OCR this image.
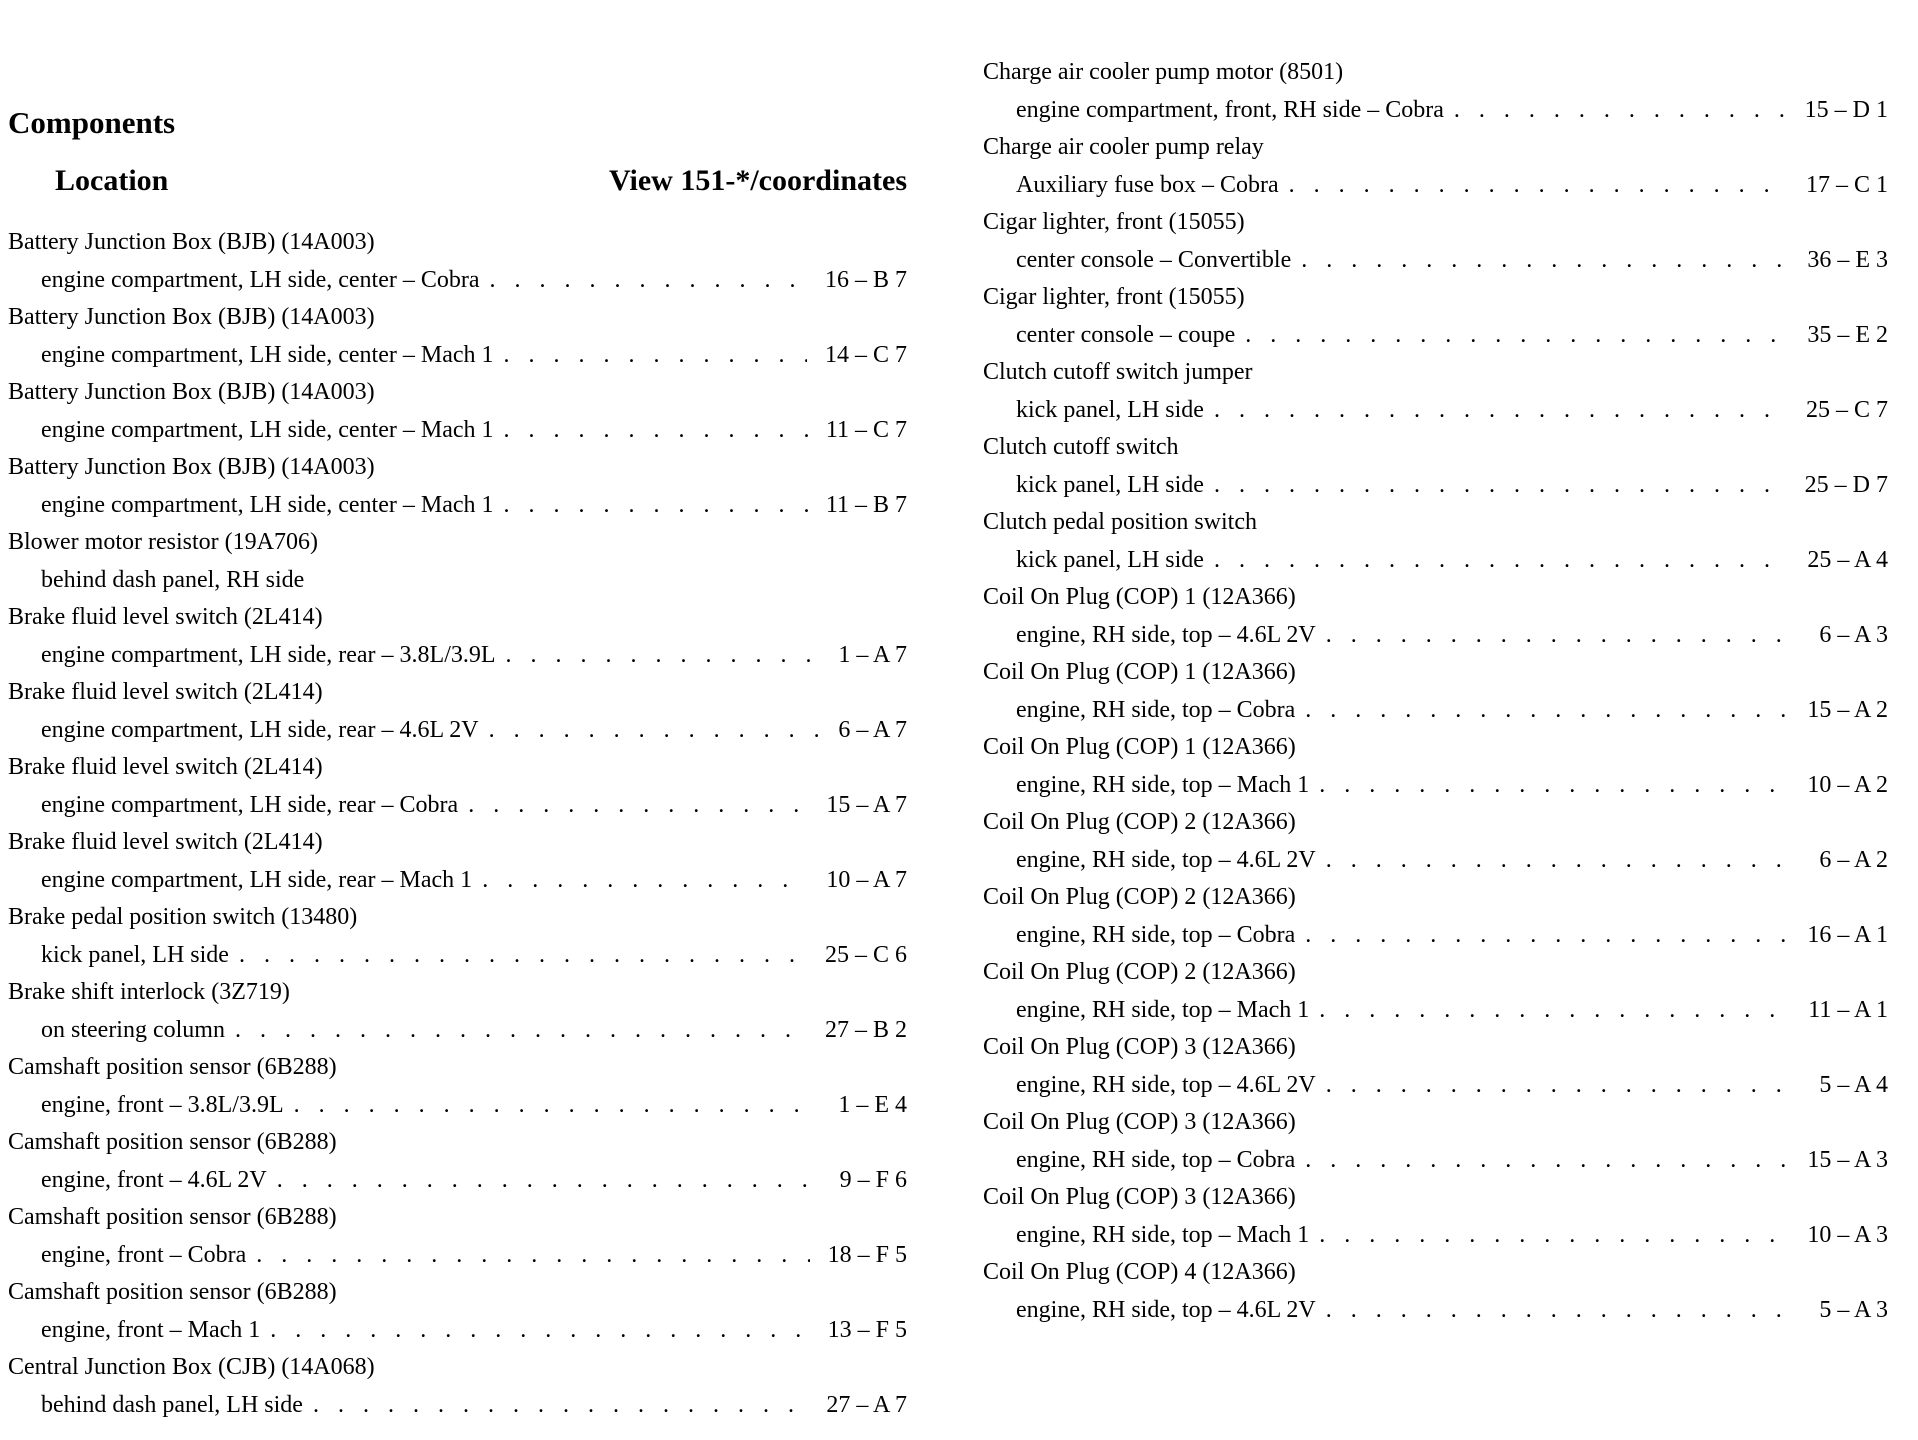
Components
Location	View 151-*/coordinates
Battery Junction Box (BJB) (14A003)
engine compartment, LH side, center – Cobra . . .	16 – B 7
Battery Junction Box (BJB) (14A003)
engine compartment, LH side, center – Mach 1 . . .	14 – C 7
Battery Junction Box (BJB) (14A003)
engine compartment, LH side, center – Mach 1 . . .	11 – C 7
Battery Junction Box (BJB) (14A003)
engine compartment, LH side, center – Mach 1 . . .	11 – B 7
Blower motor resistor (19A706)
behind dash panel, RH side
Brake fluid level switch (2L414)
engine compartment, LH side, rear – 3.8L/3.9L . . .	1 – A 7
Brake fluid level switch (2L414)
engine compartment, LH side, rear – 4.6L 2V . . .	6 – A 7
Brake fluid level switch (2L414)
engine compartment, LH side, rear – Cobra . . .	15 – A 7
Brake fluid level switch (2L414)
engine compartment, LH side, rear – Mach 1 . . .	10 – A 7
Brake pedal position switch (13480)
kick panel, LH side . . .	25 – C 6
Brake shift interlock (3Z719)
on steering column . . .	27 – B 2
Camshaft position sensor (6B288)
engine, front – 3.8L/3.9L . . .	1 – E 4
Camshaft position sensor (6B288)
engine, front – 4.6L 2V . . .	9 – F 6
Camshaft position sensor (6B288)
engine, front – Cobra . . .	18 – F 5
Camshaft position sensor (6B288)
engine, front – Mach 1 . . .	13 – F 5
Central Junction Box (CJB) (14A068)
behind dash panel, LH side . . .	27 – A 7
Charge air cooler pump motor (8501)
engine compartment, front, RH side – Cobra . . .	15 – D 1
Charge air cooler pump relay
Auxiliary fuse box – Cobra . . .	17 – C 1
Cigar lighter, front (15055)
center console – Convertible . . .	36 – E 3
Cigar lighter, front (15055)
center console – coupe . . .	35 – E 2
Clutch cutoff switch jumper
kick panel, LH side . . .	25 – C 7
Clutch cutoff switch
kick panel, LH side . . .	25 – D 7
Clutch pedal position switch
kick panel, LH side . . .	25 – A 4
Coil On Plug (COP) 1 (12A366)
engine, RH side, top – 4.6L 2V . . .	6 – A 3
Coil On Plug (COP) 1 (12A366)
engine, RH side, top – Cobra . . .	15 – A 2
Coil On Plug (COP) 1 (12A366)
engine, RH side, top – Mach 1 . . .	10 – A 2
Coil On Plug (COP) 2 (12A366)
engine, RH side, top – 4.6L 2V . . .	6 – A 2
Coil On Plug (COP) 2 (12A366)
engine, RH side, top – Cobra . . .	16 – A 1
Coil On Plug (COP) 2 (12A366)
engine, RH side, top – Mach 1 . . .	11 – A 1
Coil On Plug (COP) 3 (12A366)
engine, RH side, top – 4.6L 2V . . .	5 – A 4
Coil On Plug (COP) 3 (12A366)
engine, RH side, top – Cobra . . .	15 – A 3
Coil On Plug (COP) 3 (12A366)
engine, RH side, top – Mach 1 . . .	10 – A 3
Coil On Plug (COP) 4 (12A366)
engine, RH side, top – 4.6L 2V . . .	5 – A 3
